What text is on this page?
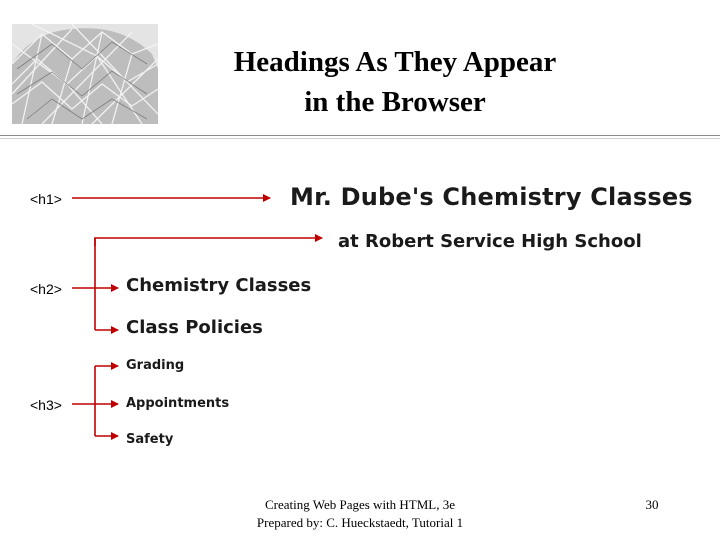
Headings As They Appear
in the Browser
<h1>
<h2>
<h3>
Mr. Dube's Chemistry Classes
at Robert Service High School
Chemistry Classes
Class Policies
Grading
Appointments
Safety
Creating Web Pages with HTML, 3e
Prepared by: C. Hueckstaedt, Tutorial 1
30
